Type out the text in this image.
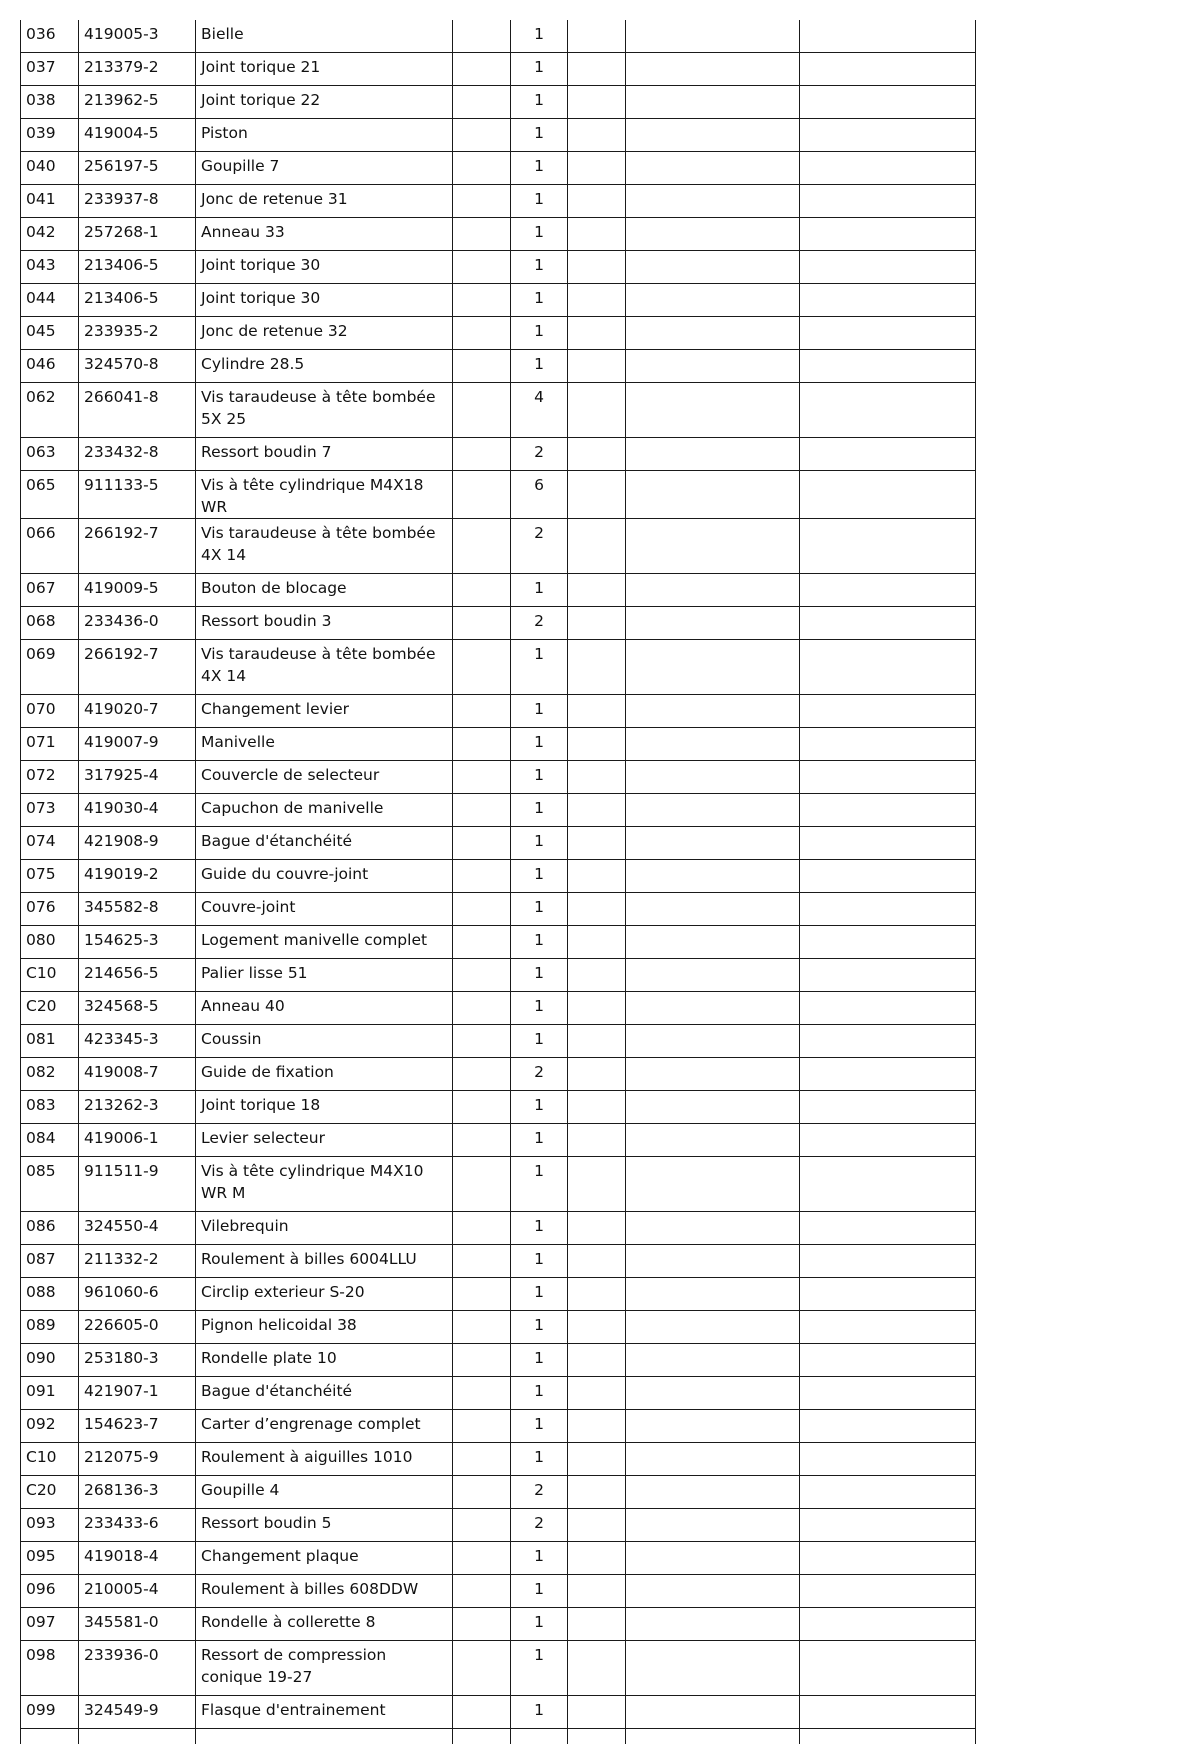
036	419005-3	Bielle		1			
037	213379-2	Joint torique 21		1			
038	213962-5	Joint torique 22		1			
039	419004-5	Piston		1			
040	256197-5	Goupille 7		1			
041	233937-8	Jonc de retenue 31		1			
042	257268-1	Anneau 33		1			
043	213406-5	Joint torique 30		1			
044	213406-5	Joint torique 30		1			
045	233935-2	Jonc de retenue 32		1			
046	324570-8	Cylindre 28.5		1			
062	266041-8	Vis taraudeuse à tête bombée 5X 25		4			
063	233432-8	Ressort boudin 7		2			
065	911133-5	Vis à tête cylindrique M4X18 WR		6			
066	266192-7	Vis taraudeuse à tête bombée 4X 14		2			
067	419009-5	Bouton de blocage		1			
068	233436-0	Ressort boudin 3		2			
069	266192-7	Vis taraudeuse à tête bombée 4X 14		1			
070	419020-7	Changement levier		1			
071	419007-9	Manivelle		1			
072	317925-4	Couvercle de selecteur		1			
073	419030-4	Capuchon de manivelle		1			
074	421908-9	Bague d'étanchéité		1			
075	419019-2	Guide du couvre-joint		1			
076	345582-8	Couvre-joint		1			
080	154625-3	Logement manivelle complet		1			
C10	214656-5	Palier lisse 51		1			
C20	324568-5	Anneau 40		1			
081	423345-3	Coussin		1			
082	419008-7	Guide de fixation		2			
083	213262-3	Joint torique 18		1			
084	419006-1	Levier selecteur		1			
085	911511-9	Vis à tête cylindrique M4X10 WR M		1			
086	324550-4	Vilebrequin		1			
087	211332-2	Roulement à billes 6004LLU		1			
088	961060-6	Circlip exterieur S-20		1			
089	226605-0	Pignon helicoidal 38		1			
090	253180-3	Rondelle plate 10		1			
091	421907-1	Bague d'étanchéité		1			
092	154623-7	Carter d’engrenage complet		1			
C10	212075-9	Roulement à aiguilles 1010		1			
C20	268136-3	Goupille 4		2			
093	233433-6	Ressort boudin 5		2			
095	419018-4	Changement plaque		1			
096	210005-4	Roulement à billes 608DDW		1			
097	345581-0	Rondelle à collerette 8		1			
098	233936-0	Ressort de compression conique 19-27		1			
099	324549-9	Flasque d'entrainement		1			
